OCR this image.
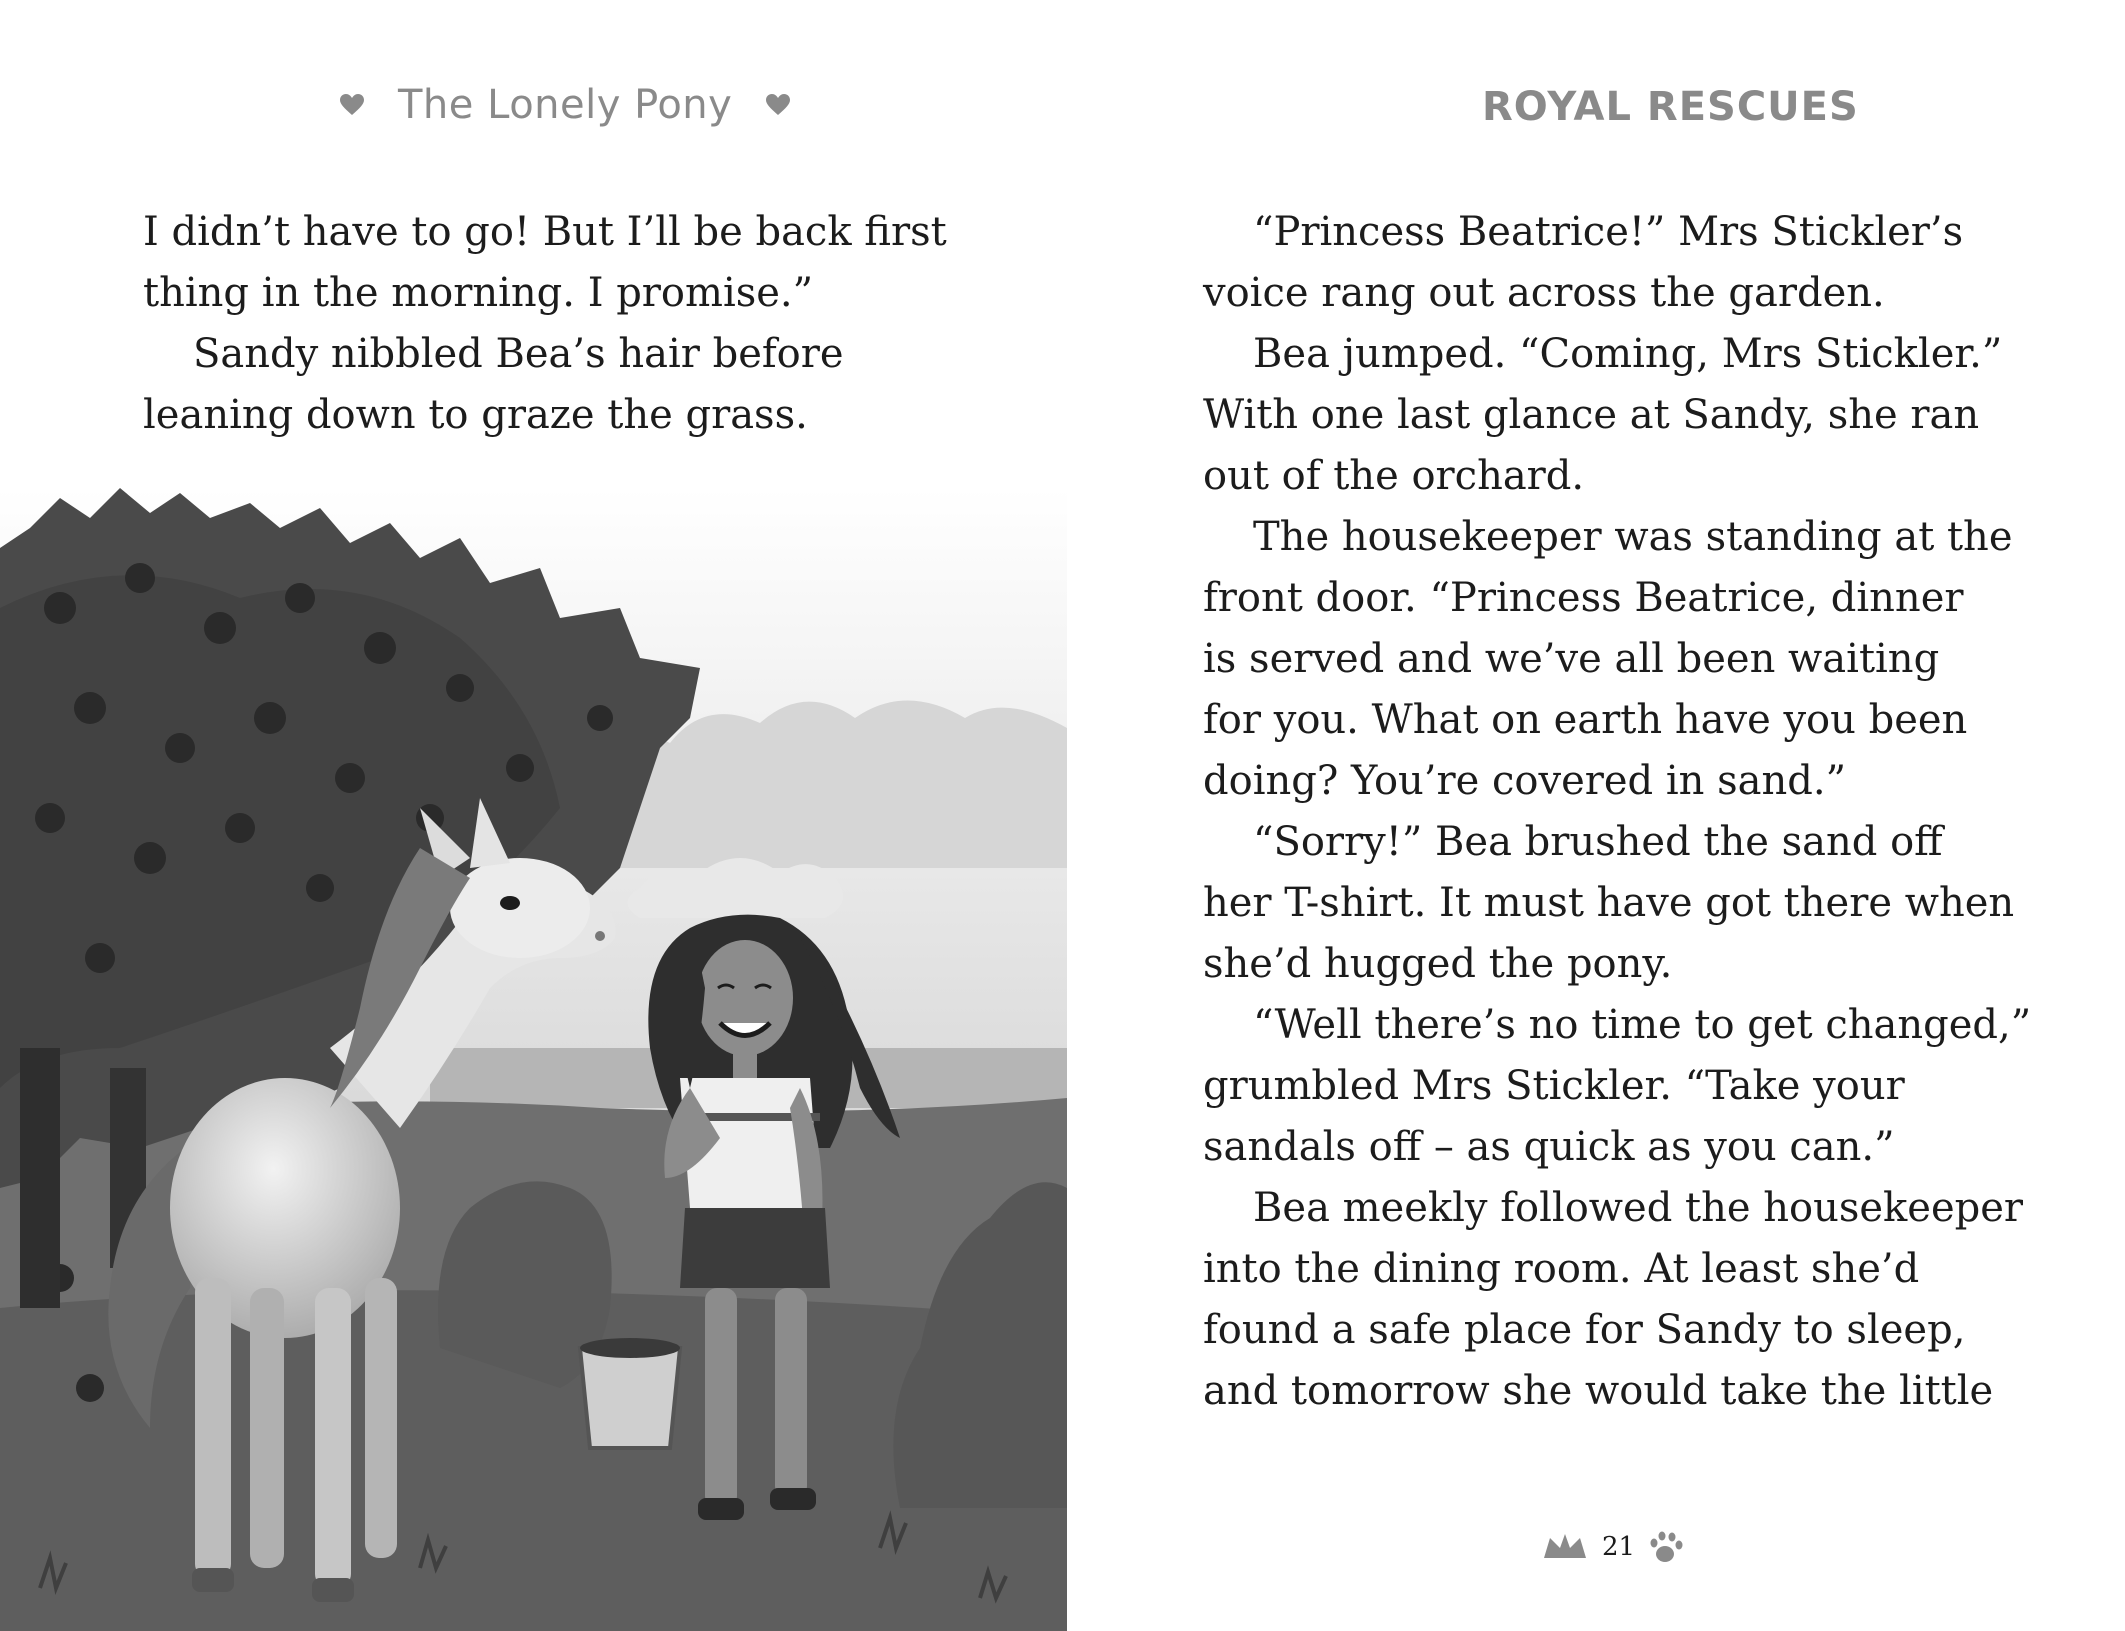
The Lonely Pony
I didn’t have to go! But I’ll be back first
thing in the morning. I promise.”
Sandy nibbled Bea’s hair before
leaning down to graze the grass.
ROYAL RESCUES
“Princess Beatrice!” Mrs Stickler’s
voice rang out across the garden.
Bea jumped. “Coming, Mrs Stickler.”
With one last glance at Sandy, she ran
out of the orchard.
The housekeeper was standing at the
front door. “Princess Beatrice, dinner
is served and we’ve all been waiting
for you. What on earth have you been
doing? You’re covered in sand.”
“Sorry!” Bea brushed the sand off
her T-shirt. It must have got there when
she’d hugged the pony.
“Well there’s no time to get changed,”
grumbled Mrs Stickler. “Take your
sandals off – as quick as you can.”
Bea meekly followed the housekeeper
into the dining room. At least she’d
found a safe place for Sandy to sleep,
and tomorrow she would take the little
21
